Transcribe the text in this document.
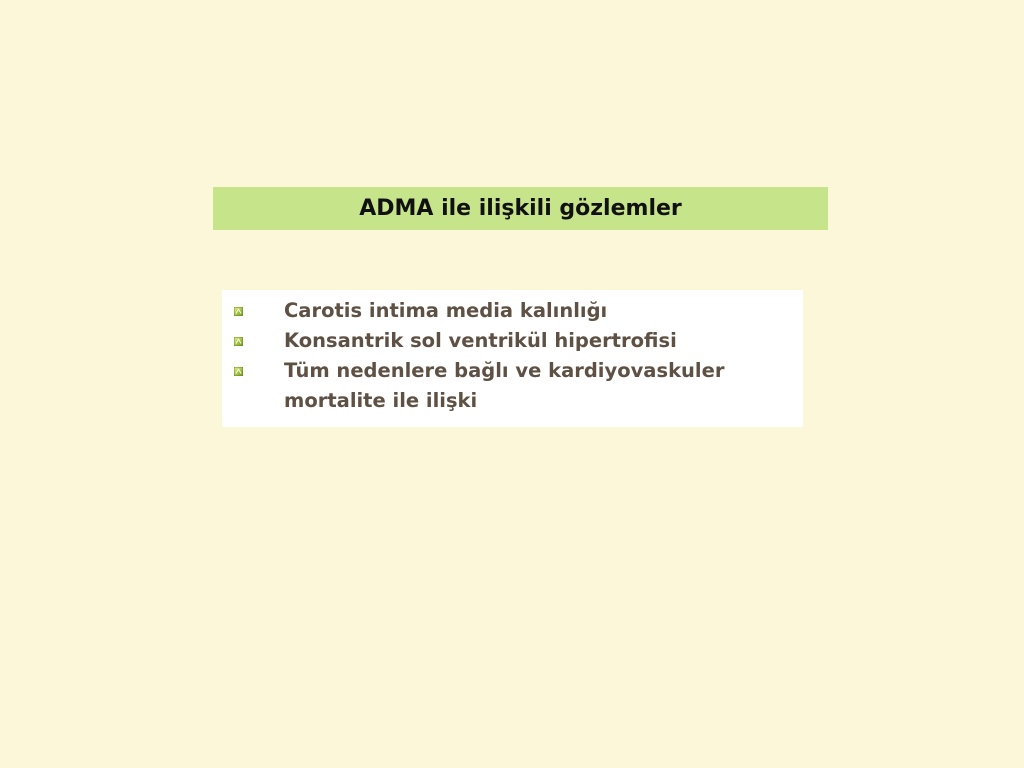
ADMA ile ilişkili gözlemler
Carotis intima media kalınlığı
Konsantrik sol ventrikül hipertrofisi
Tüm nedenlere bağlı ve kardiyovaskuler mortalite ile ilişki
